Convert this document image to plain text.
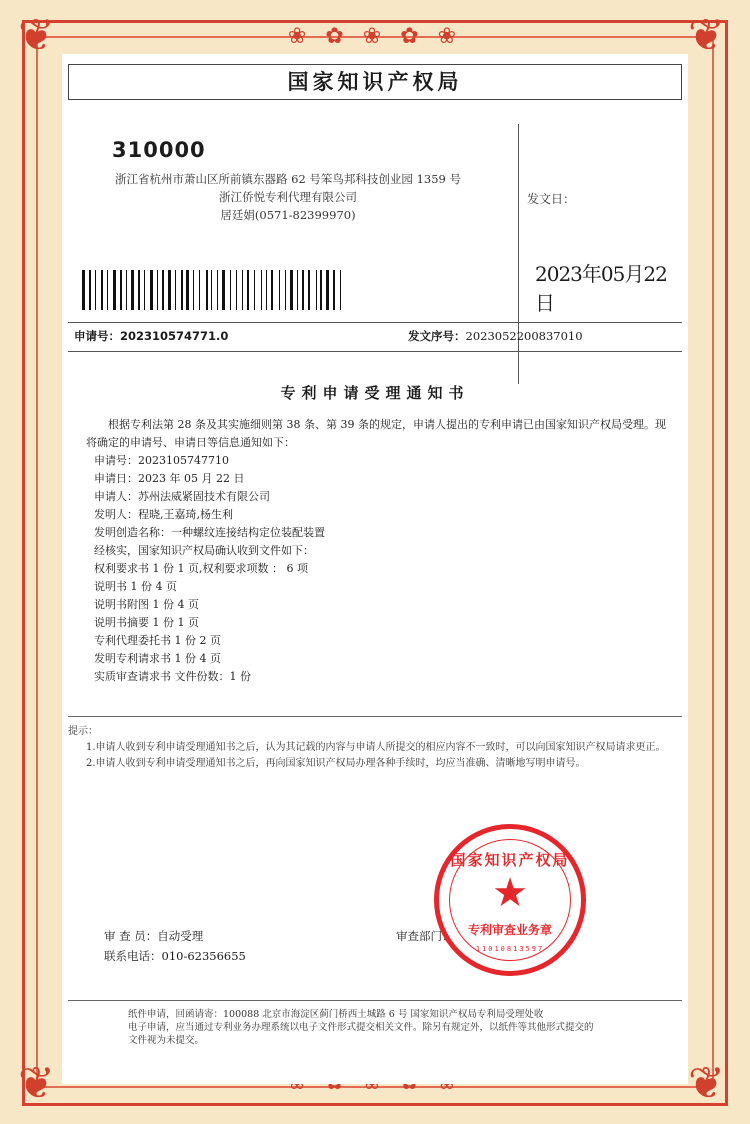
❦	❦
❦	❦
❀ ✿ ❀ ✿ ❀
国家知识产权局
310000
浙江省杭州市萧山区所前镇东器路 62 号笨鸟邦科技创业园 1359 号
浙江侨悦专利代理有限公司
居廷娟(0571-82399970)
发文日：
2023年05月22日
申请号：202310574771.0	发文序号：2023052200837010
专利申请受理通知书

根据专利法第 28 条及其实施细则第 38 条、第 39 条的规定，申请人提出的专利申请已由国家知识产权局受理。现将确定的申请号、申请日等信息通知如下：

申请号：2023105747710
申请日：2023 年 05 月 22 日
申请人：苏州法威紧固技术有限公司
发明人：程晓,王嘉琦,杨生利
发明创造名称：一种螺纹连接结构定位装配装置
经核实，国家知识产权局确认收到文件如下：
权利要求书 1 份 1 页,权利要求项数 ： 6 项
说明书 1 份 4 页
说明书附图 1 份 4 页
说明书摘要 1 份 1 页
专利代理委托书 1 份 2 页
发明专利请求书 1 份 4 页
实质审查请求书 文件份数：1 份

提示：

1.申请人收到专利申请受理通知书之后，认为其记载的内容与申请人所提交的相应内容不一致时，可以向国家知识产权局请求更正。

2.申请人收到专利申请受理通知书之后，再向国家知识产权局办理各种手续时，均应当准确、清晰地写明申请号。

审 查 员：自动受理
联系电话：010-62356655
审查部门：
国家知识产权局
★
专利审查业务章
11010813597

纸件申请，回函请寄：100088 北京市海淀区蓟门桥西土城路 6 号 国家知识产权局专利局受理处收

电子申请，应当通过专利业务办理系统以电子文件形式提交相关文件。除另有规定外，以纸件等其他形式提交的

文件视为未提交。
